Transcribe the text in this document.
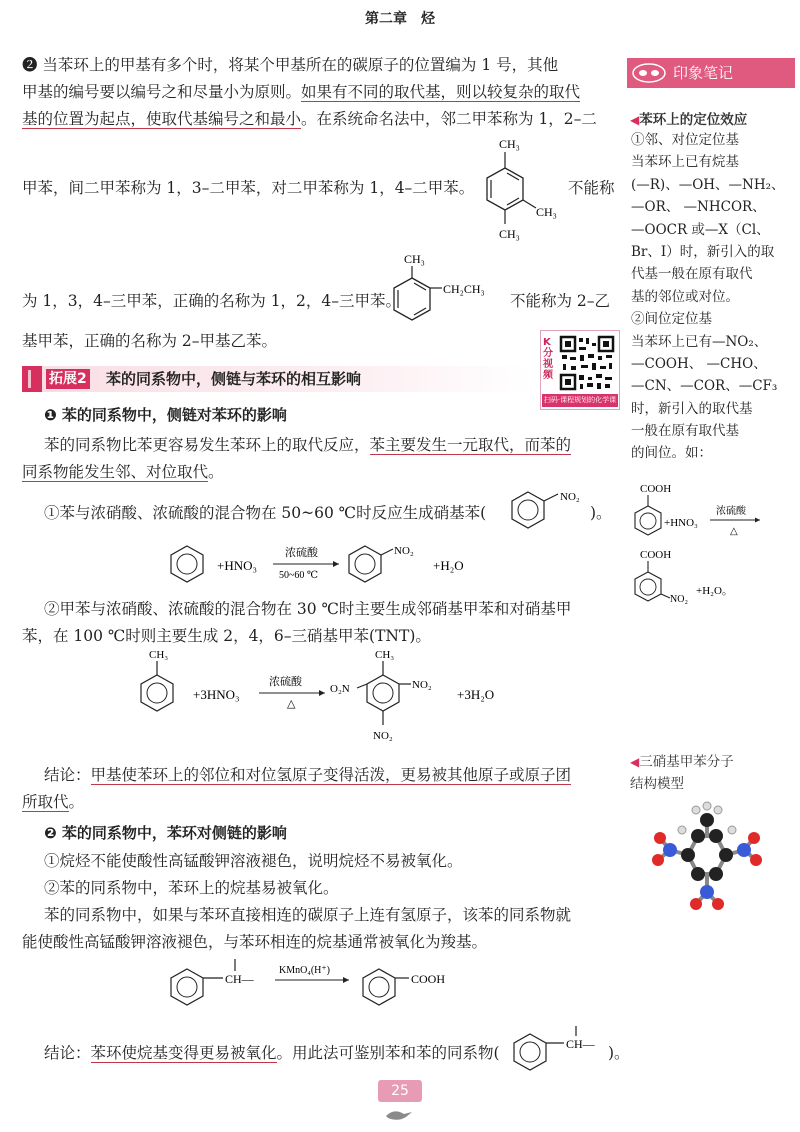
第二章　烃
❷ 当苯环上的甲基有多个时，将某个甲基所在的碳原子的位置编为 1 号，其他
甲基的编号要以编号之和尽量小为原则。如果有不同的取代基，则以较复杂的取代
基的位置为起点，使取代基编号之和最小。在系统命名法中，邻二甲苯称为 1，2–二
甲苯，间二甲苯称为 1，3–二甲苯，对二甲苯称为 1，4–二甲苯。	不能称
CH₃
CH₃
CH₃
为 1，3，4–三甲苯，正确的名称为 1，2，4–三甲苯。
CH₃
CH₂CH₃
不能称为 2–乙
基甲苯，正确的名称为 2–甲基乙苯。	K分视频
扫码·课程规划的化学课
拓展2 苯的同系物中，侧链与苯环的相互影响
❶ 苯的同系物中，侧链对苯环的影响
苯的同系物比苯更容易发生苯环上的取代反应，苯主要发生一元取代，而苯的
同系物能发生邻、对位取代。
①苯与浓硝酸、浓硫酸的混合物在 50~60 ℃时反应生成硝基苯(
NO₂
)。
+HNO₃
浓硫酸
50~60 ℃
NO₂
+H₂O
②甲苯与浓硝酸、浓硫酸的混合物在 30 ℃时主要生成邻硝基甲苯和对硝基甲
苯，在 100 ℃时则主要生成 2，4，6–三硝基甲苯(TNT)。
CH₃
+3HNO₃
浓硫酸
△
O₂N
CH₃
NO₂
NO₂
+3H₂O
结论：甲基使苯环上的邻位和对位氢原子变得活泼，更易被其他原子或原子团
所取代。
❷ 苯的同系物中，苯环对侧链的影响
①烷烃不能使酸性高锰酸钾溶液褪色，说明烷烃不易被氧化。
②苯的同系物中，苯环上的烷基易被氧化。
苯的同系物中，如果与苯环直接相连的碳原子上连有氢原子，该苯的同系物就
能使酸性高锰酸钾溶液褪色，与苯环相连的烷基通常被氧化为羧基。
CH—
KMnO₄(H⁺)
COOH
结论：苯环使烷基变得更易被氧化。用此法可鉴别苯和苯的同系物(	CH— )。
25
印象笔记
◀苯环上的定位效应
①邻、对位定位基
当苯环上已有烷基
(—R)、—OH、—NH₂、
—OR、 —NHCOR、
—OOCR 或—X（Cl、
Br、I）时，新引入的取
代基一般在原有取代
基的邻位或对位。
②间位定位基
当苯环上已有—NO₂、
—COOH、 —CHO、
—CN、—COR、—CF₃
时，新引入的取代基
一般在原有取代基
的间位。如：
COOH
+HNO₃
浓硫酸
△
COOH
NO₂
+H₂O。
◀三硝基甲苯分子
结构模型
